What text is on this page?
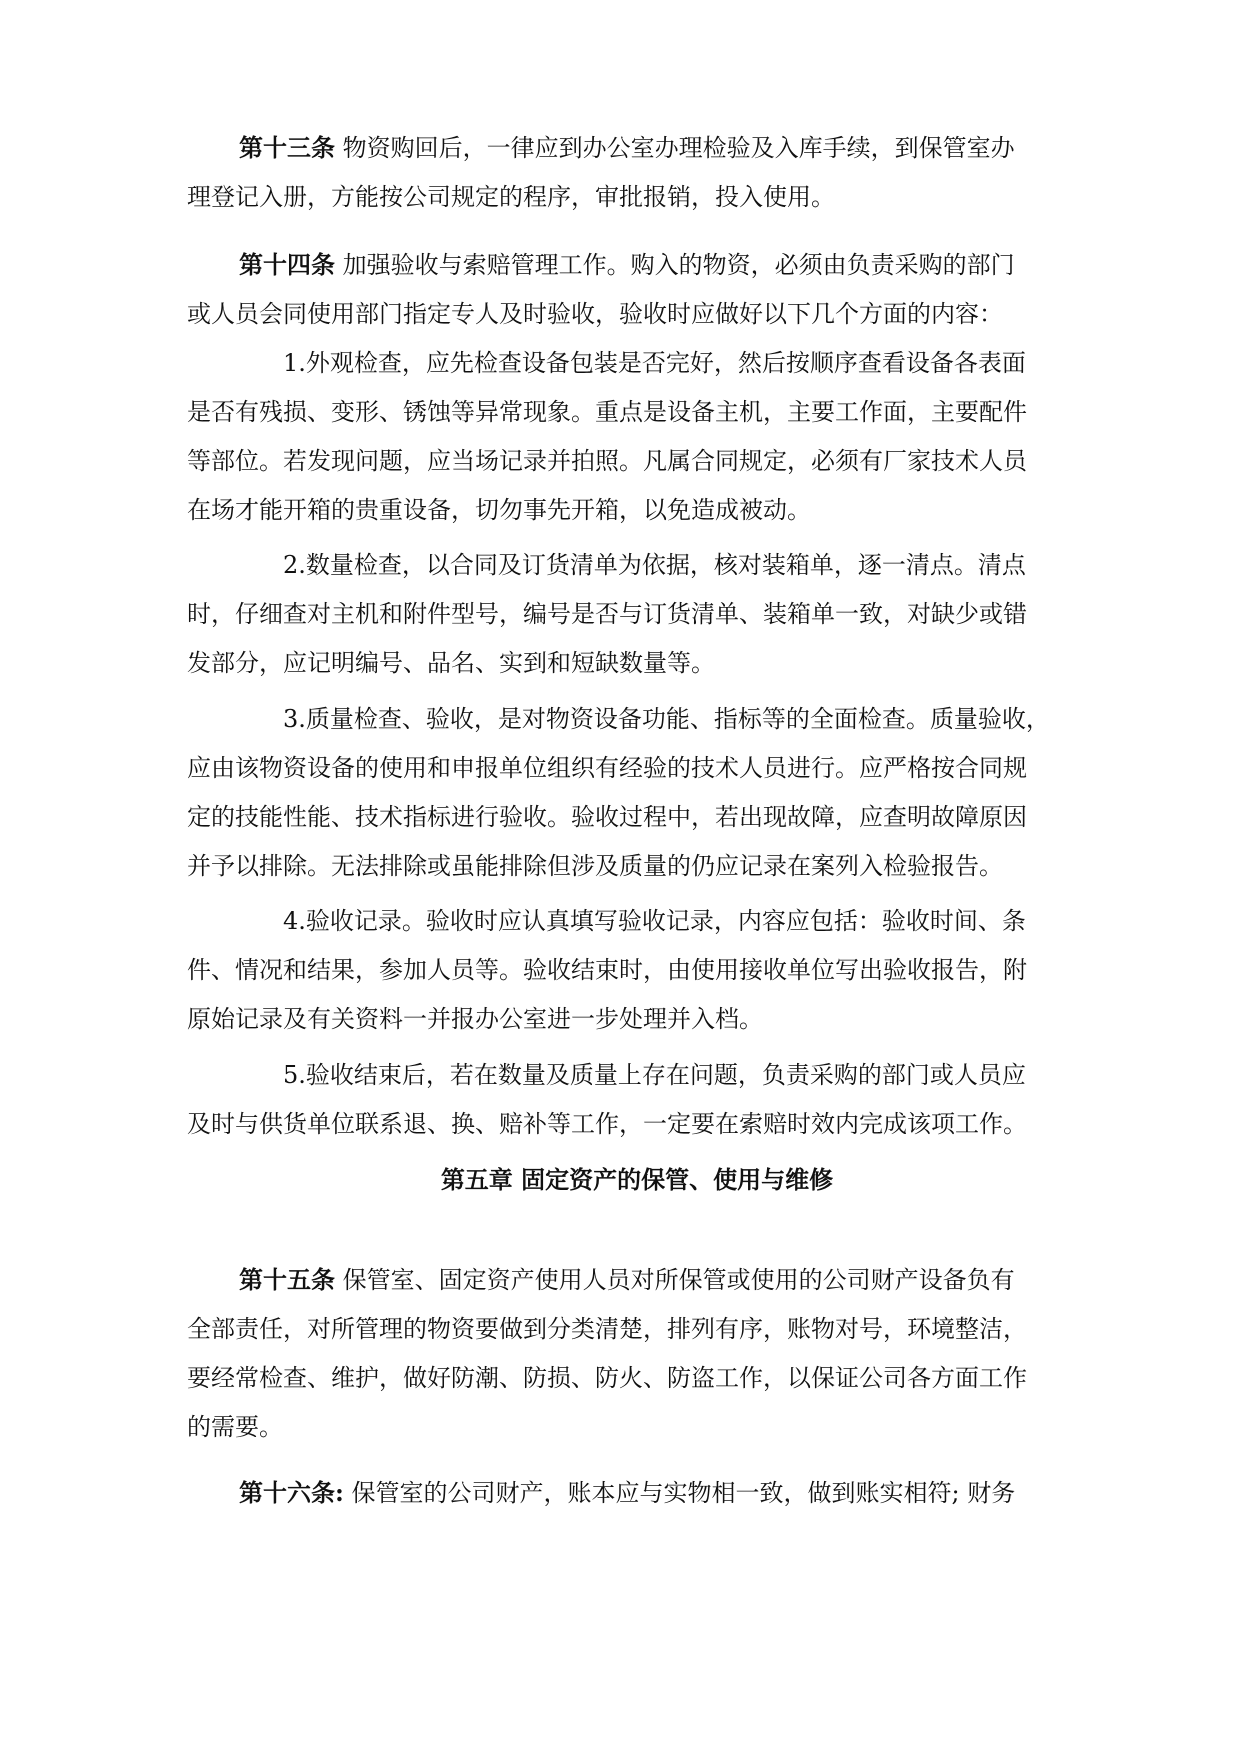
第十三条 物资购回后，一律应到办公室办理检验及入库手续，到保管室办

理登记入册，方能按公司规定的程序，审批报销，投入使用。

第十四条 加强验收与索赔管理工作。购入的物资，必须由负责采购的部门

或人员会同使用部门指定专人及时验收，验收时应做好以下几个方面的内容：

1.外观检查，应先检查设备包装是否完好，然后按顺序查看设备各表面

是否有残损、变形、锈蚀等异常现象。重点是设备主机，主要工作面，主要配件

等部位。若发现问题，应当场记录并拍照。凡属合同规定，必须有厂家技术人员

在场才能开箱的贵重设备，切勿事先开箱，以免造成被动。

2.数量检查，以合同及订货清单为依据，核对装箱单，逐一清点。清点

时，仔细查对主机和附件型号，编号是否与订货清单、装箱单一致，对缺少或错

发部分，应记明编号、品名、实到和短缺数量等。

3.质量检查、验收，是对物资设备功能、指标等的全面检查。质量验收，

应由该物资设备的使用和申报单位组织有经验的技术人员进行。应严格按合同规

定的技能性能、技术指标进行验收。验收过程中，若出现故障，应查明故障原因

并予以排除。无法排除或虽能排除但涉及质量的仍应记录在案列入检验报告。

4.验收记录。验收时应认真填写验收记录，内容应包括：验收时间、条

件、情况和结果，参加人员等。验收结束时，由使用接收单位写出验收报告，附

原始记录及有关资料一并报办公室进一步处理并入档。

5.验收结束后，若在数量及质量上存在问题，负责采购的部门或人员应

及时与供货单位联系退、换、赔补等工作，一定要在索赔时效内完成该项工作。

第五章 固定资产的保管、使用与维修

第十五条 保管室、固定资产使用人员对所保管或使用的公司财产设备负有

全部责任，对所管理的物资要做到分类清楚，排列有序，账物对号，环境整洁，

要经常检查、维护，做好防潮、防损、防火、防盗工作，以保证公司各方面工作

的需要。

第十六条: 保管室的公司财产，账本应与实物相一致，做到账实相符; 财务
